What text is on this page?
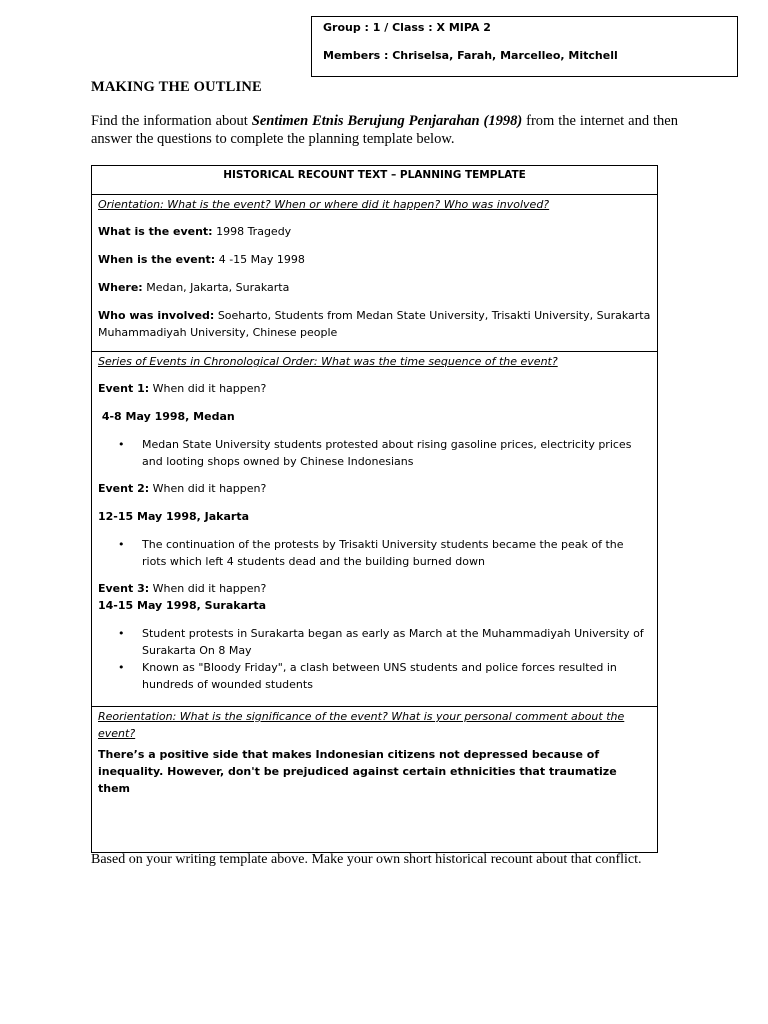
Group : 1 / Class : X MIPA 2
Members : Chriselsa, Farah, Marcelleo, Mitchell
MAKING THE OUTLINE
Find the information about Sentimen Etnis Berujung Penjarahan (1998) from the internet and then answer the questions to complete the planning template below.
HISTORICAL RECOUNT TEXT – PLANNING TEMPLATE
Orientation: What is the event? When or where did it happen? Who was involved?
What is the event: 1998 Tragedy
When is the event: 4 -15 May 1998
Where: Medan, Jakarta, Surakarta
Who was involved: Soeharto, Students from Medan State University, Trisakti University, Surakarta Muhammadiyah University, Chinese people
Series of Events in Chronological Order: What was the time sequence of the event?
Event 1: When did it happen?
4-8 May 1998, Medan
• Medan State University students protested about rising gasoline prices, electricity prices and looting shops owned by Chinese Indonesians
Event 2: When did it happen?
12-15 May 1998, Jakarta
• The continuation of the protests by Trisakti University students became the peak of the riots which left 4 students dead and the building burned down
Event 3: When did it happen?
14-15 May 1998, Surakarta
• Student protests in Surakarta began as early as March at the Muhammadiyah University of Surakarta On 8 May
• Known as "Bloody Friday", a clash between UNS students and police forces resulted in hundreds of wounded students
Reorientation: What is the significance of the event? What is your personal comment about the event?
There’s a positive side that makes Indonesian citizens not depressed because of inequality. However, don't be prejudiced against certain ethnicities that traumatize them
Based on your writing template above. Make your own short historical recount about that conflict.
